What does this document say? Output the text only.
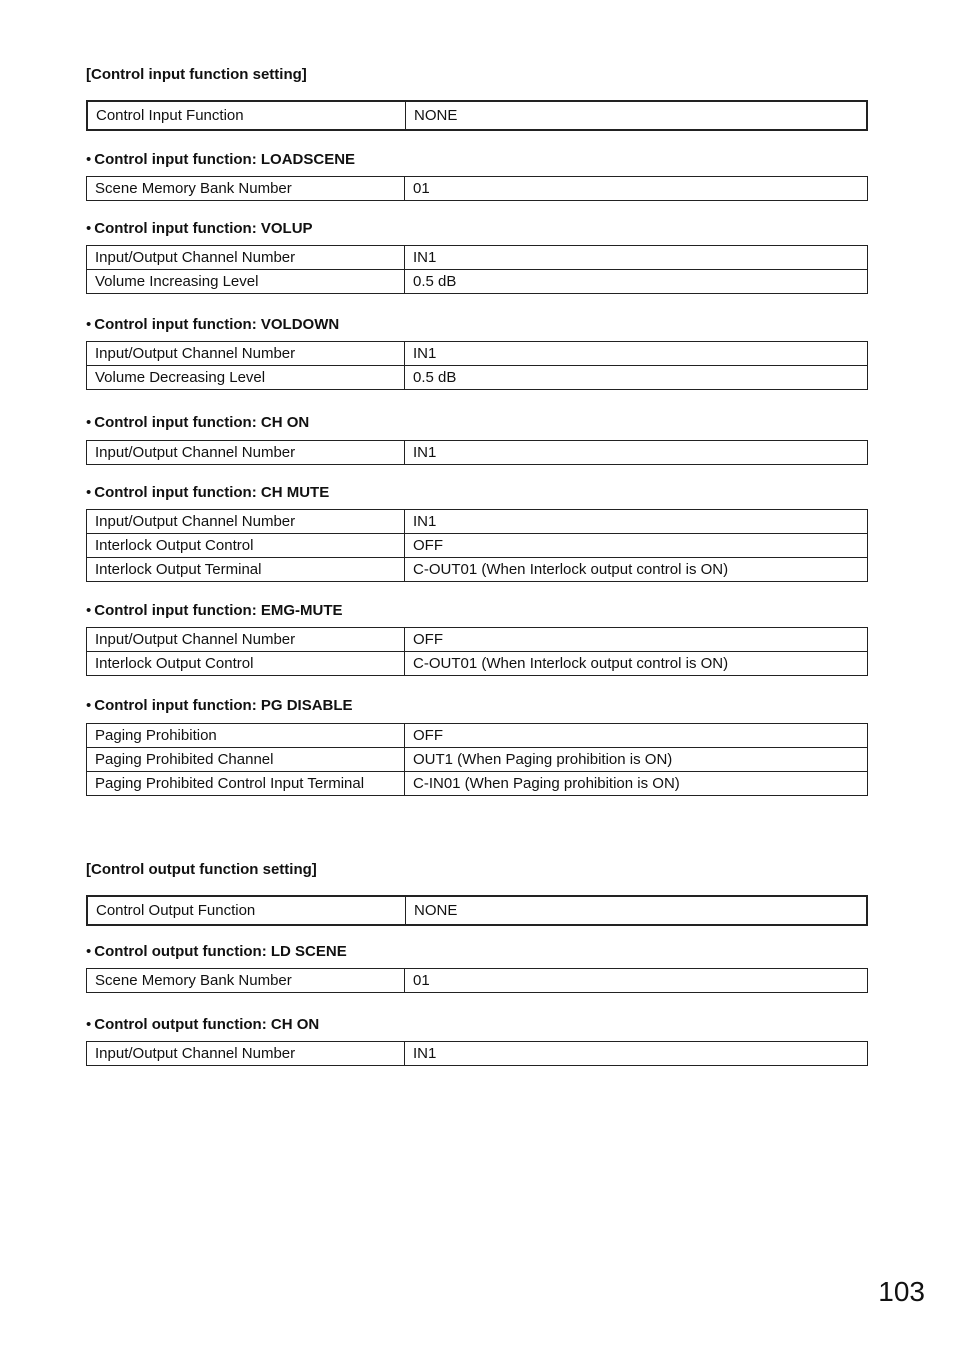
[Control input function setting]
Control Input Function	NONE
• Control input function: LOADSCENE
Scene Memory Bank Number	01
• Control input function: VOLUP
Input/Output Channel Number	IN1
Volume Increasing Level	0.5 dB
• Control input function: VOLDOWN
Input/Output Channel Number	IN1
Volume Decreasing Level	0.5 dB
• Control input function: CH ON
Input/Output Channel Number	IN1
• Control input function: CH MUTE
Input/Output Channel Number	IN1
Interlock Output Control	OFF
Interlock Output Terminal	C-OUT01 (When Interlock output control is ON)
• Control input function: EMG-MUTE
Input/Output Channel Number	OFF
Interlock Output Control	C-OUT01 (When Interlock output control is ON)
• Control input function: PG DISABLE
Paging Prohibition	OFF
Paging Prohibited Channel	OUT1 (When Paging prohibition is ON)
Paging Prohibited Control Input Terminal	C-IN01 (When Paging prohibition is ON)
[Control output function setting]
Control Output Function	NONE
• Control output function: LD SCENE
Scene Memory Bank Number	01
• Control output function: CH ON
Input/Output Channel Number	IN1
103
